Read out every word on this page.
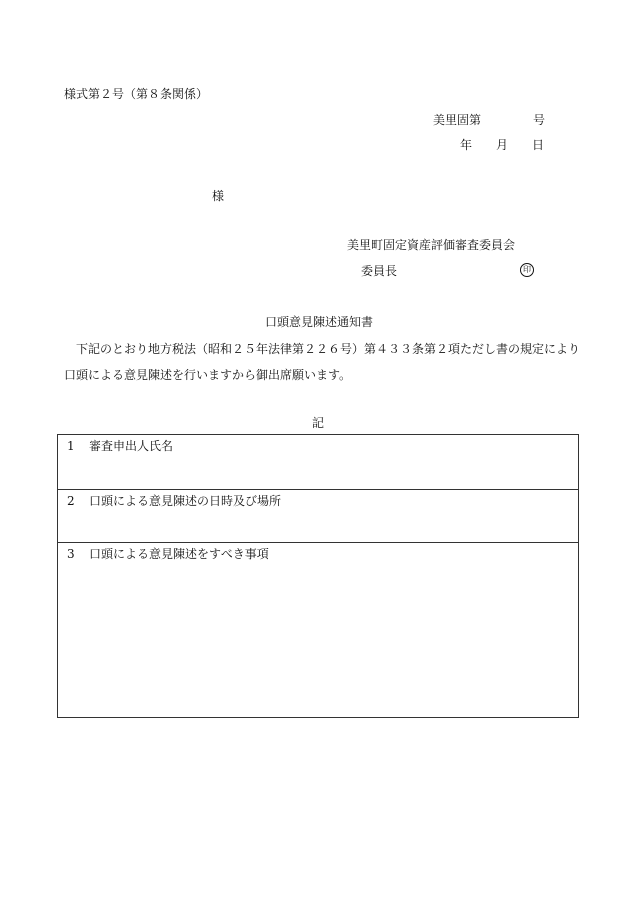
様式第２号（第８条関係）
美里固第	号
年 月 日
様
美里町固定資産評価審査委員会
委員長	印
口頭意見陳述通知書
下記のとおり地方税法（昭和２５年法律第２２６号）第４３３条第２項ただし書の規定により口頭による意見陳述を行いますから御出席願います。
記
1 審査申出人氏名
2 口頭による意見陳述の日時及び場所
3 口頭による意見陳述をすべき事項
